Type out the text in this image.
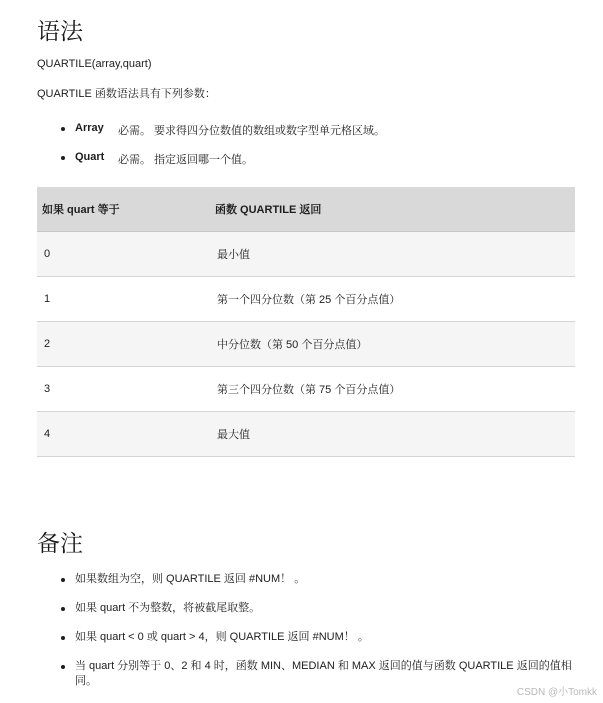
语法
QUARTILE(array,quart)
QUARTILE 函数语法具有下列参数：
Array 必需。 要求得四分位数值的数组或数字型单元格区域。
Quart 必需。 指定返回哪一个值。
如果 quart 等于	函数 QUARTILE 返回
0	最小值
1	第一个四分位数（第 25 个百分点值）
2	中分位数（第 50 个百分点值）
3	第三个四分位数（第 75 个百分点值）
4	最大值
备注
如果数组为空，则 QUARTILE 返回 #NUM！ 。
如果 quart 不为整数，将被截尾取整。
如果 quart < 0 或 quart > 4，则 QUARTILE 返回 #NUM！ 。
当 quart 分别等于 0、2 和 4 时，函数 MIN、MEDIAN 和 MAX 返回的值与函数 QUARTILE 返回的值相同。
CSDN @小Tomkk
